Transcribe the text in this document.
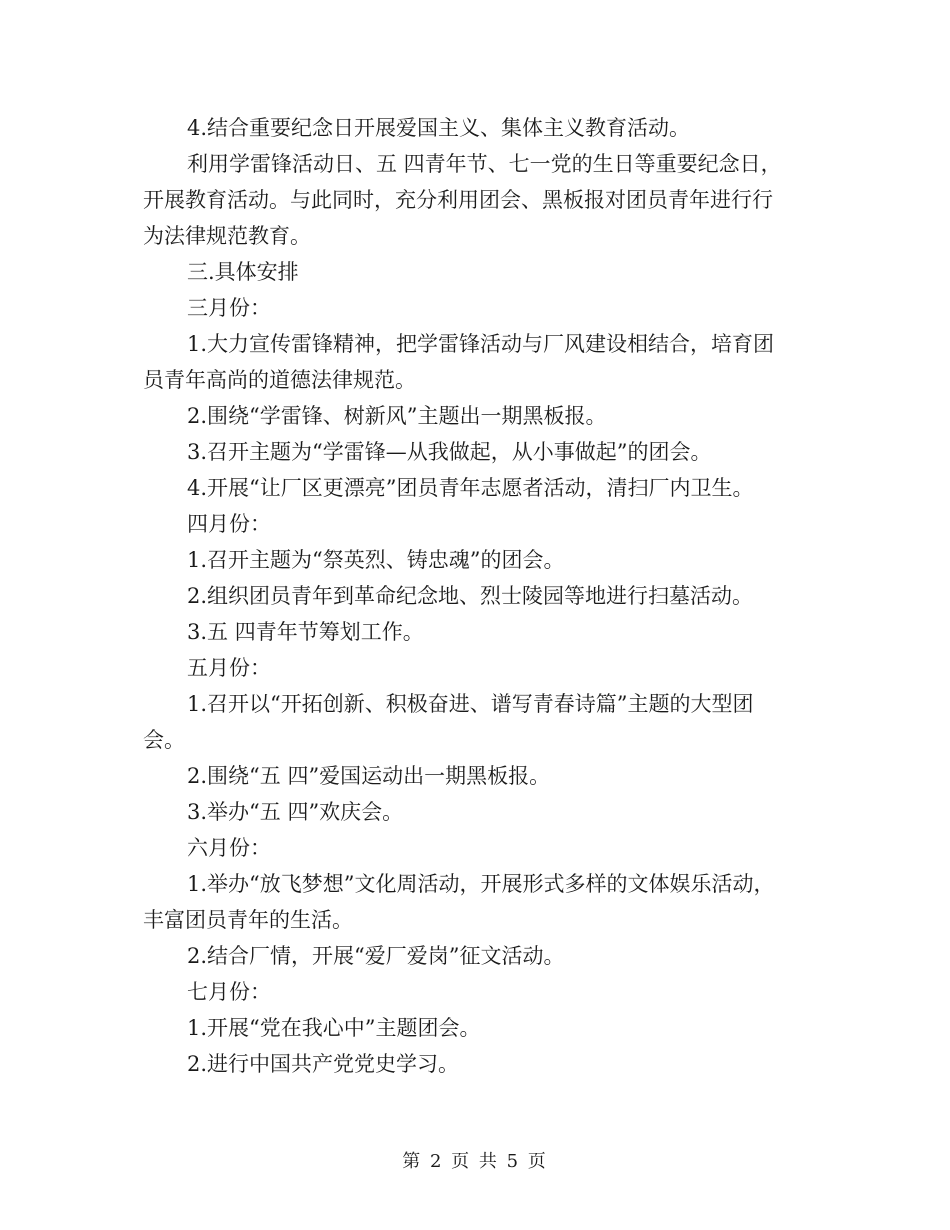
4.结合重要纪念日开展爱国主义、集体主义教育活动。

利用学雷锋活动日、五 四青年节、七一党的生日等重要纪念日，

开展教育活动。与此同时，充分利用团会、黑板报对团员青年进行行

为法律规范教育。

三.具体安排

三月份：

1.大力宣传雷锋精神，把学雷锋活动与厂风建设相结合，培育团

员青年高尚的道德法律规范。

2.围绕“学雷锋、树新风”主题出一期黑板报。

3.召开主题为“学雷锋—从我做起，从小事做起”的团会。

4.开展“让厂区更漂亮”团员青年志愿者活动，清扫厂内卫生。

四月份：

1.召开主题为“祭英烈、铸忠魂”的团会。

2.组织团员青年到革命纪念地、烈士陵园等地进行扫墓活动。

3.五 四青年节筹划工作。

五月份：

1.召开以“开拓创新、积极奋进、谱写青春诗篇”主题的大型团

会。

2.围绕“五 四”爱国运动出一期黑板报。

3.举办“五 四”欢庆会。

六月份：

1.举办“放飞梦想”文化周活动，开展形式多样的文体娱乐活动，

丰富团员青年的生活。

2.结合厂情，开展“爱厂爱岗”征文活动。

七月份：

1.开展“党在我心中”主题团会。

2.进行中国共产党党史学习。

第 2 页 共 5 页
